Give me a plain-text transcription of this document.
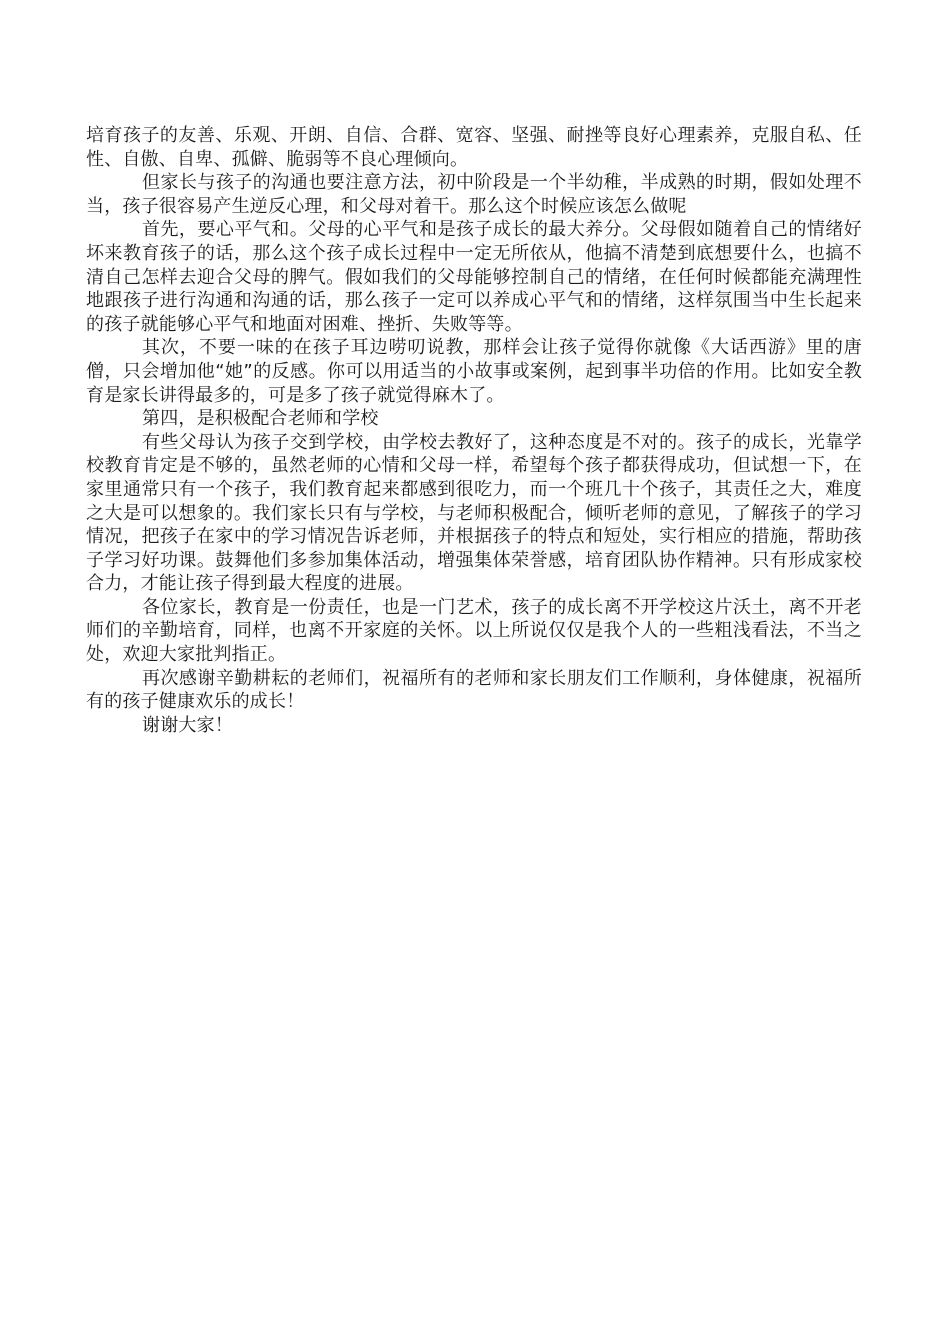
培育孩子的友善、乐观、开朗、自信、合群、宽容、坚强、耐挫等良好心理素养，克服自私、任性、自傲、自卑、孤僻、脆弱等不良心理倾向。

但家长与孩子的沟通也要注意方法，初中阶段是一个半幼稚，半成熟的时期，假如处理不当，孩子很容易产生逆反心理，和父母对着干。那么这个时候应该怎么做呢

首先，要心平气和。父母的心平气和是孩子成长的最大养分。父母假如随着自己的情绪好坏来教育孩子的话，那么这个孩子成长过程中一定无所依从，他搞不清楚到底想要什么，也搞不清自己怎样去迎合父母的脾气。假如我们的父母能够控制自己的情绪，在任何时候都能充满理性地跟孩子进行沟通和沟通的话，那么孩子一定可以养成心平气和的情绪，这样氛围当中生长起来的孩子就能够心平气和地面对困难、挫折、失败等等。

其次，不要一味的在孩子耳边唠叨说教，那样会让孩子觉得你就像《大话西游》里的唐僧，只会增加他“她”的反感。你可以用适当的小故事或案例，起到事半功倍的作用。比如安全教育是家长讲得最多的，可是多了孩子就觉得麻木了。

第四，是积极配合老师和学校

有些父母认为孩子交到学校，由学校去教好了，这种态度是不对的。孩子的成长，光靠学校教育肯定是不够的，虽然老师的心情和父母一样，希望每个孩子都获得成功，但试想一下，在家里通常只有一个孩子，我们教育起来都感到很吃力，而一个班几十个孩子，其责任之大，难度之大是可以想象的。我们家长只有与学校，与老师积极配合，倾听老师的意见，了解孩子的学习情况，把孩子在家中的学习情况告诉老师，并根据孩子的特点和短处，实行相应的措施，帮助孩子学习好功课。鼓舞他们多参加集体活动，增强集体荣誉感，培育团队协作精神。只有形成家校合力，才能让孩子得到最大程度的进展。

各位家长，教育是一份责任，也是一门艺术，孩子的成长离不开学校这片沃土，离不开老师们的辛勤培育，同样，也离不开家庭的关怀。以上所说仅仅是我个人的一些粗浅看法，不当之处，欢迎大家批判指正。

再次感谢辛勤耕耘的老师们，祝福所有的老师和家长朋友们工作顺利，身体健康，祝福所有的孩子健康欢乐的成长！

谢谢大家！
